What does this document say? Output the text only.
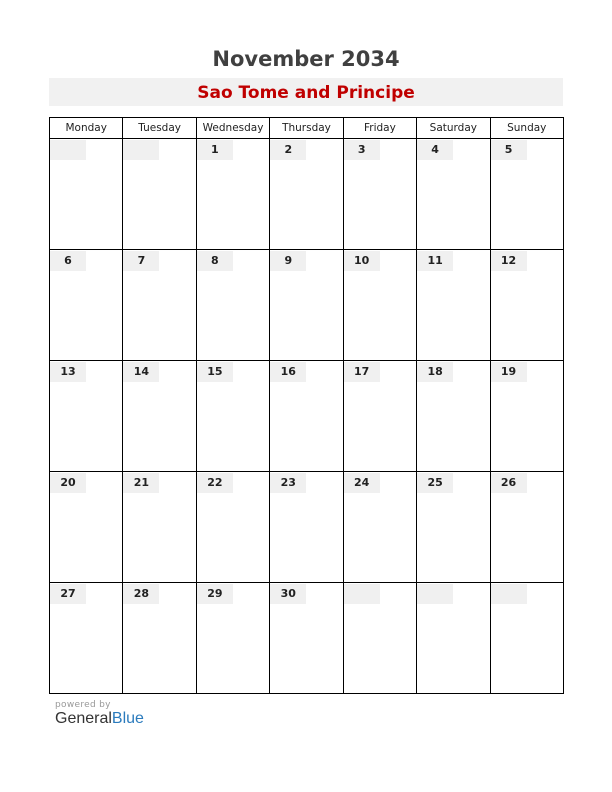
November 2034
Sao Tome and Principe
Monday	Tuesday	Wednesday	Thursday	Friday	Saturday	Sunday

		1	2	3	4	5

6	7	8	9	10	11	12

13	14	15	16	17	18	19

20	21	22	23	24	25	26

27	28	29	30			

powered by
GeneralBlue
